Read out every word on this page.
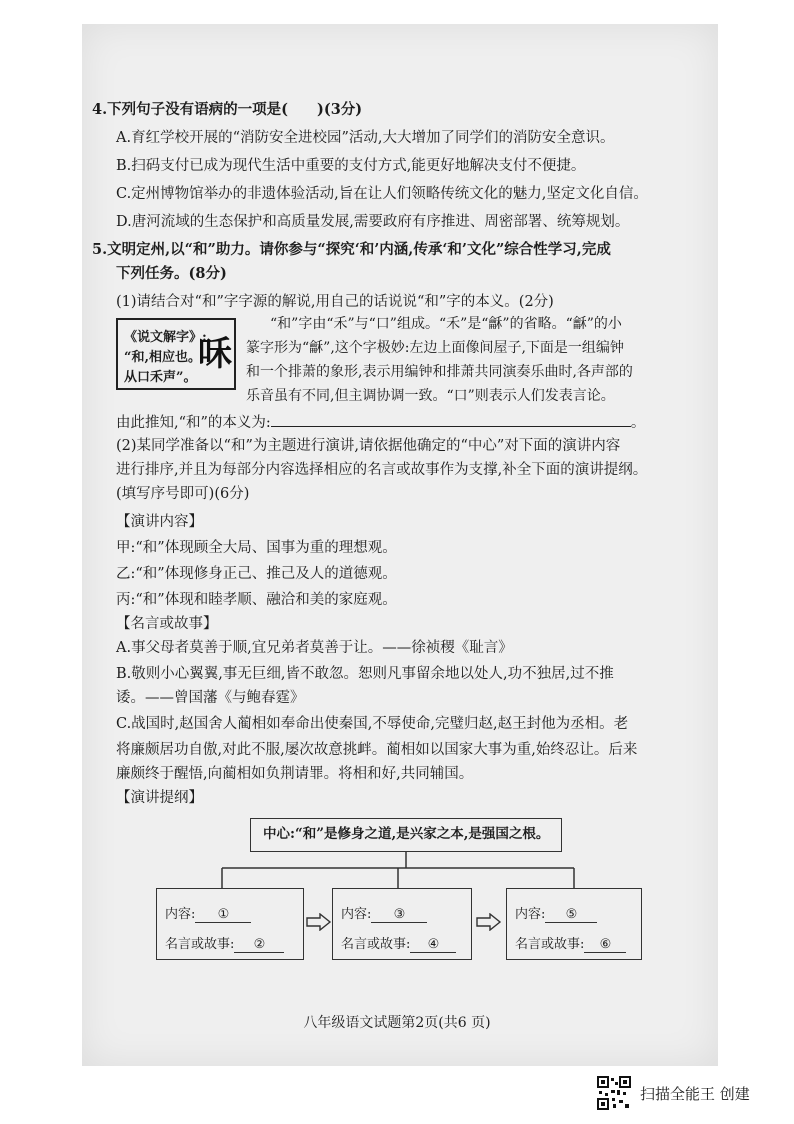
4.下列句子没有语病的一项是(　　)(3分)
A.育红学校开展的“消防安全进校园”活动,大大增加了同学们的消防安全意识。
B.扫码支付已成为现代生活中重要的支付方式,能更好地解决支付不便捷。
C.定州博物馆举办的非遗体验活动,旨在让人们领略传统文化的魅力,坚定文化自信。
D.唐河流域的生态保护和高质量发展,需要政府有序推进、周密部署、统筹规划。
5.文明定州,以“和”助力。请你参与“探究‘和’内涵,传承‘和’文化”综合性学习,完成
下列任务。(8分)
(1)请结合对“和”字字源的解说,用自己的话说说“和”字的本义。(2分)
《说文解字》:
“和,相应也。
从口禾声”。
咊
“和”字由“禾”与“口”组成。“禾”是“龢”的省略。“龢”的小
篆字形为“龢”,这个字极妙:左边上面像间屋子,下面是一组编钟
和一个排萧的象形,表示用编钟和排萧共同演奏乐曲时,各声部的
乐音虽有不同,但主调协调一致。“口”则表示人们发表言论。
由此推知,“和”的本义为:	。
(2)某同学准备以“和”为主题进行演讲,请依据他确定的“中心”对下面的演讲内容
进行排序,并且为每部分内容选择相应的名言或故事作为支撑,补全下面的演讲提纲。
(填写序号即可)(6分)
【演讲内容】
甲:“和”体现顾全大局、国事为重的理想观。
乙:“和”体现修身正己、推己及人的道德观。
丙:“和”体现和睦孝顺、融洽和美的家庭观。
【名言或故事】
A.事父母者莫善于顺,宜兄弟者莫善于让。——徐祯稷《耻言》
B.敬则小心翼翼,事无巨细,皆不敢忽。恕则凡事留余地以处人,功不独居,过不推
诿。——曾国藩《与鲍春霆》
C.战国时,赵国舍人蔺相如奉命出使秦国,不辱使命,完璧归赵,赵王封他为丞相。老
将廉颇居功自傲,对此不服,屡次故意挑衅。蔺相如以国家大事为重,始终忍让。后来
廉颇终于醒悟,向蔺相如负荆请罪。将相和好,共同辅国。
【演讲提纲】
中心:“和”是修身之道,是兴家之本,是强国之根。
内容: ①
名言或故事: ②
内容: ③
名言或故事: ④
内容: ⑤
名言或故事: ⑥
八年级语文试题第2页(共6 页)
扫描全能王 创建
